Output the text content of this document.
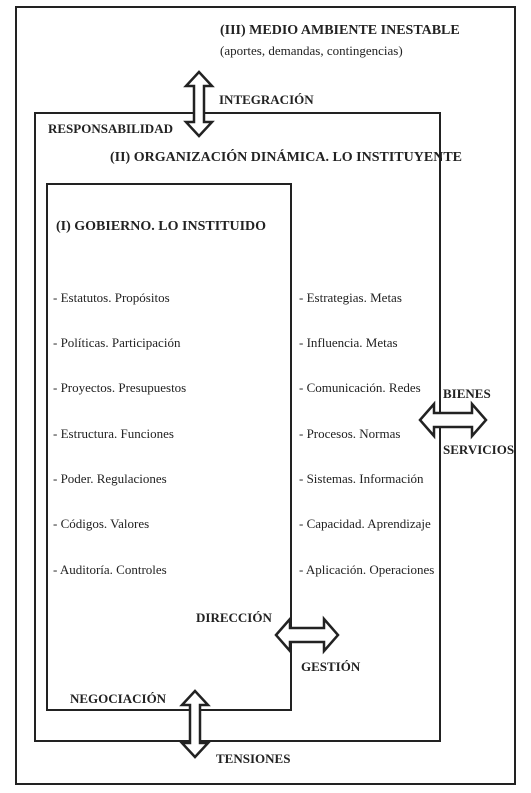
(III) MEDIO AMBIENTE INESTABLE
(aportes, demandas, contingencias)
INTEGRACIÓN
RESPONSABILIDAD
(II) ORGANIZACIÓN DINÁMICA. LO INSTITUYENTE
(I) GOBIERNO. LO INSTITUIDO
- Estatutos. Propósitos
- Políticas. Participación
- Proyectos. Presupuestos
- Estructura. Funciones
- Poder. Regulaciones
- Códigos. Valores
- Auditoría. Controles
- Estrategias. Metas
- Influencia. Metas
- Comunicación. Redes
- Procesos. Normas
- Sistemas. Información
- Capacidad. Aprendizaje
- Aplicación. Operaciones
BIENES
SERVICIOS
DIRECCIÓN
GESTIÓN
NEGOCIACIÓN
TENSIONES
